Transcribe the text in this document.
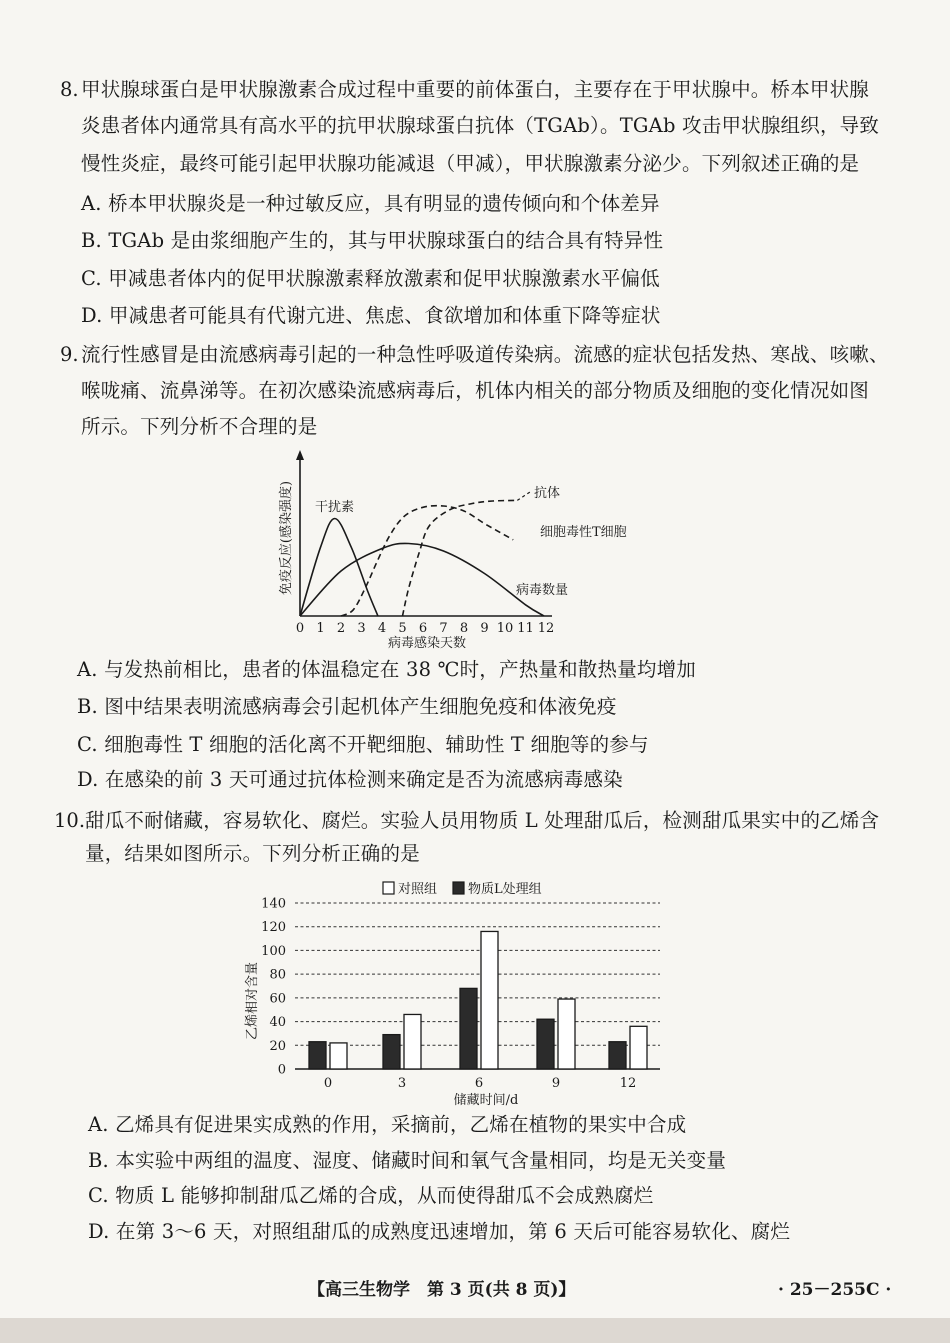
8. 甲状腺球蛋白是甲状腺激素合成过程中重要的前体蛋白，主要存在于甲状腺中。桥本甲状腺
炎患者体内通常具有高水平的抗甲状腺球蛋白抗体（TGAb）。TGAb 攻击甲状腺组织，导致
慢性炎症，最终可能引起甲状腺功能减退（甲减），甲状腺激素分泌少。下列叙述正确的是
A. 桥本甲状腺炎是一种过敏反应，具有明显的遗传倾向和个体差异
B. TGAb 是由浆细胞产生的，其与甲状腺球蛋白的结合具有特异性
C. 甲减患者体内的促甲状腺激素释放激素和促甲状腺激素水平偏低
D. 甲减患者可能具有代谢亢进、焦虑、食欲增加和体重下降等症状
9. 流行性感冒是由流感病毒引起的一种急性呼吸道传染病。流感的症状包括发热、寒战、咳嗽、
喉咙痛、流鼻涕等。在初次感染流感病毒后，机体内相关的部分物质及细胞的变化情况如图
所示。下列分析不合理的是
免疫反应(感染强度)
病毒感染天数
0 1 2 3 4 5 6 7 8 9 10 11 12
干扰素
病毒数量
抗体
细胞毒性T细胞
A. 与发热前相比，患者的体温稳定在 38 ℃时，产热量和散热量均增加
B. 图中结果表明流感病毒会引起机体产生细胞免疫和体液免疫
C. 细胞毒性 T 细胞的活化离不开靶细胞、辅助性 T 细胞等的参与
D. 在感染的前 3 天可通过抗体检测来确定是否为流感病毒感染
10. 甜瓜不耐储藏，容易软化、腐烂。实验人员用物质 L 处理甜瓜后，检测甜瓜果实中的乙烯含
量，结果如图所示。下列分析正确的是
对照组 物质L处理组
乙烯相对含量
储藏时间/d
0
20
40
60
80
100
120
140
0	3	6	9	12
A. 乙烯具有促进果实成熟的作用，采摘前，乙烯在植物的果实中合成
B. 本实验中两组的温度、湿度、储藏时间和氧气含量相同，均是无关变量
C. 物质 L 能够抑制甜瓜乙烯的合成，从而使得甜瓜不会成熟腐烂
D. 在第 3～6 天，对照组甜瓜的成熟度迅速增加，第 6 天后可能容易软化、腐烂
【高三生物学　第 3 页(共 8 页)】	· 25－255C ·
